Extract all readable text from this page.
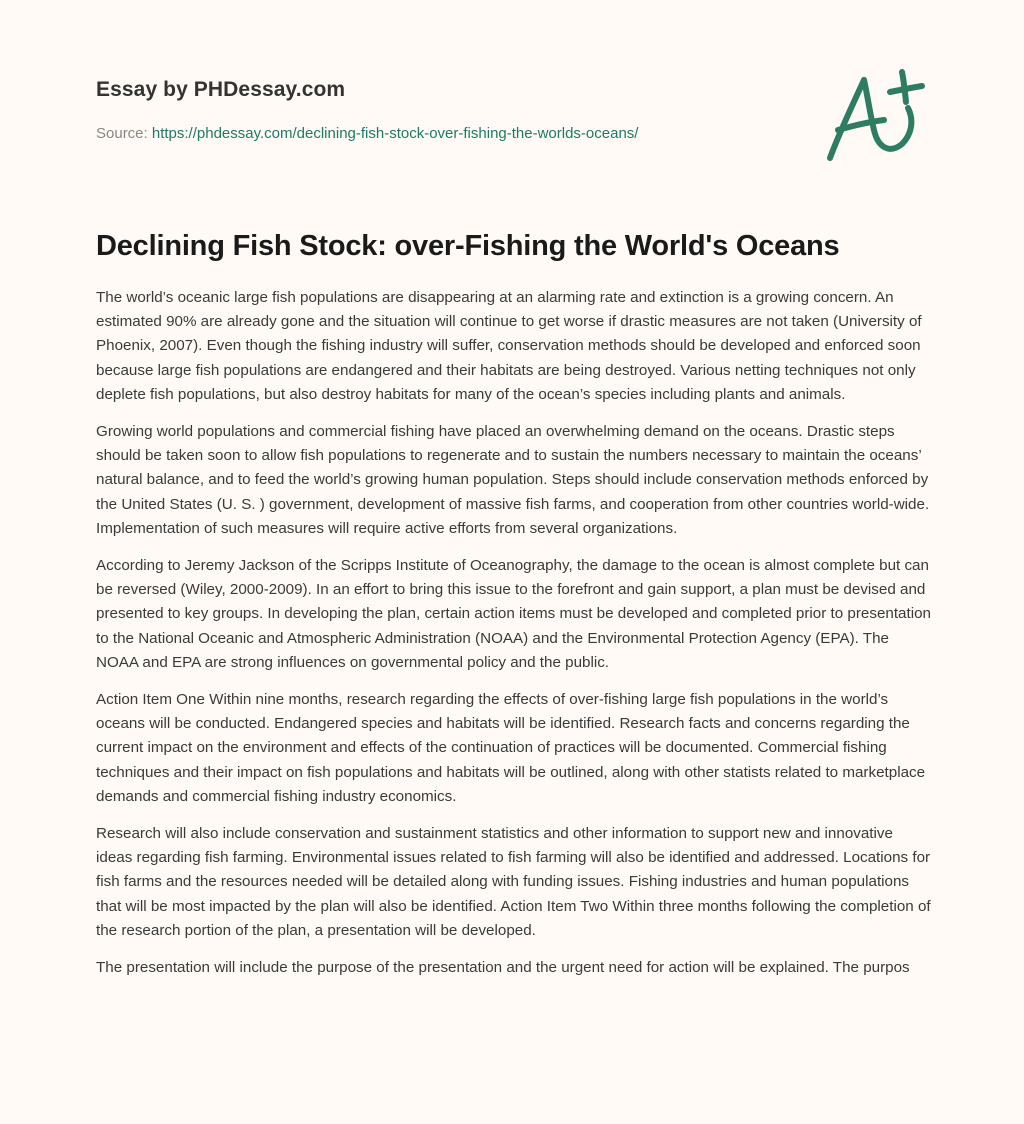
Essay by PHDessay.com
Source: https://phdessay.com/declining-fish-stock-over-fishing-the-worlds-oceans/
Declining Fish Stock: over-Fishing the World's Oceans

The world’s oceanic large fish populations are disappearing at an alarming rate and extinction is a growing concern. An estimated 90% are already gone and the situation will continue to get worse if drastic measures are not taken (University of Phoenix, 2007). Even though the fishing industry will suffer, conservation methods should be developed and enforced soon because large fish populations are endangered and their habitats are being destroyed. Various netting techniques not only deplete fish populations, but also destroy habitats for many of the ocean’s species including plants and animals.

Growing world populations and commercial fishing have placed an overwhelming demand on the oceans. Drastic steps should be taken soon to allow fish populations to regenerate and to sustain the numbers necessary to maintain the oceans’ natural balance, and to feed the world’s growing human population. Steps should include conservation methods enforced by the United States (U. S. ) government, development of massive fish farms, and cooperation from other countries world-wide. Implementation of such measures will require active efforts from several organizations.

According to Jeremy Jackson of the Scripps Institute of Oceanography, the damage to the ocean is almost complete but can be reversed (Wiley, 2000-2009). In an effort to bring this issue to the forefront and gain support, a plan must be devised and presented to key groups. In developing the plan, certain action items must be developed and completed prior to presentation to the National Oceanic and Atmospheric Administration (NOAA) and the Environmental Protection Agency (EPA). The NOAA and EPA are strong influences on governmental policy and the public.

Action Item One Within nine months, research regarding the effects of over-fishing large fish populations in the world’s oceans will be conducted. Endangered species and habitats will be identified. Research facts and concerns regarding the current impact on the environment and effects of the continuation of practices will be documented. Commercial fishing techniques and their impact on fish populations and habitats will be outlined, along with other statists related to marketplace demands and commercial fishing industry economics.

Research will also include conservation and sustainment statistics and other information to support new and innovative ideas regarding fish farming. Environmental issues related to fish farming will also be identified and addressed. Locations for fish farms and the resources needed will be detailed along with funding issues. Fishing industries and human populations that will be most impacted by the plan will also be identified. Action Item Two Within three months following the completion of the research portion of the plan, a presentation will be developed.

The presentation will include the purpose of the presentation and the urgent need for action will be explained. The purpos
